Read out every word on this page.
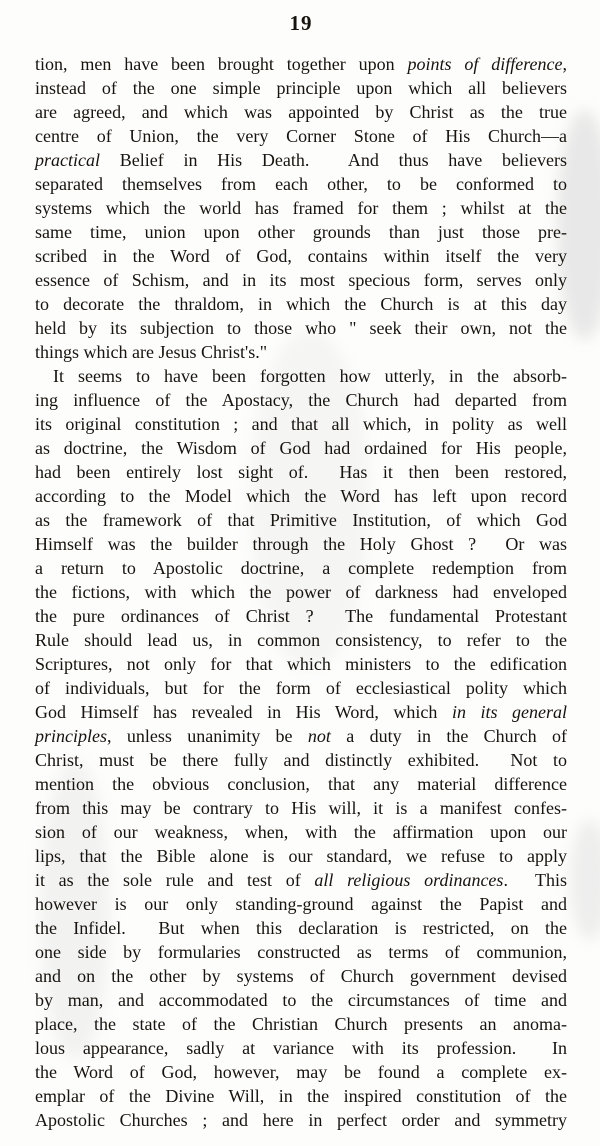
19
tion, men have been brought together upon points of difference,
instead of the one simple principle upon which all believers
are agreed, and which was appointed by Christ as the true
centre of Union, the very Corner Stone of His Church—a
practical Belief in His Death.  And thus have believers
separated themselves from each other, to be conformed to
systems which the world has framed for them ; whilst at the
same time, union upon other grounds than just those pre-
scribed in the Word of God, contains within itself the very
essence of Schism, and in its most specious form, serves only
to decorate the thraldom, in which the Church is at this day
held by its subjection to those who " seek their own, not the
things which are Jesus Christ's."
It seems to have been forgotten how utterly, in the absorb-
ing influence of the Apostacy, the Church had departed from
its original constitution ; and that all which, in polity as well
as doctrine, the Wisdom of God had ordained for His people,
had been entirely lost sight of.  Has it then been restored,
according to the Model which the Word has left upon record
as the framework of that Primitive Institution, of which God
Himself was the builder through the Holy Ghost ?  Or was
a return to Apostolic doctrine, a complete redemption from
the fictions, with which the power of darkness had enveloped
the pure ordinances of Christ ?  The fundamental Protestant
Rule should lead us, in common consistency, to refer to the
Scriptures, not only for that which ministers to the edification
of individuals, but for the form of ecclesiastical polity which
God Himself has revealed in His Word, which in its general
principles, unless unanimity be not a duty in the Church of
Christ, must be there fully and distinctly exhibited.  Not to
mention the obvious conclusion, that any material difference
from this may be contrary to His will, it is a manifest confes-
sion of our weakness, when, with the affirmation upon our
lips, that the Bible alone is our standard, we refuse to apply
it as the sole rule and test of all religious ordinances.  This
however is our only standing-ground against the Papist and
the Infidel.  But when this declaration is restricted, on the
one side by formularies constructed as terms of communion,
and on the other by systems of Church government devised
by man, and accommodated to the circumstances of time and
place, the state of the Christian Church presents an anoma-
lous appearance, sadly at variance with its profession.  In
the Word of God, however, may be found a complete ex-
emplar of the Divine Will, in the inspired constitution of the
Apostolic Churches ; and here in perfect order and symmetry
